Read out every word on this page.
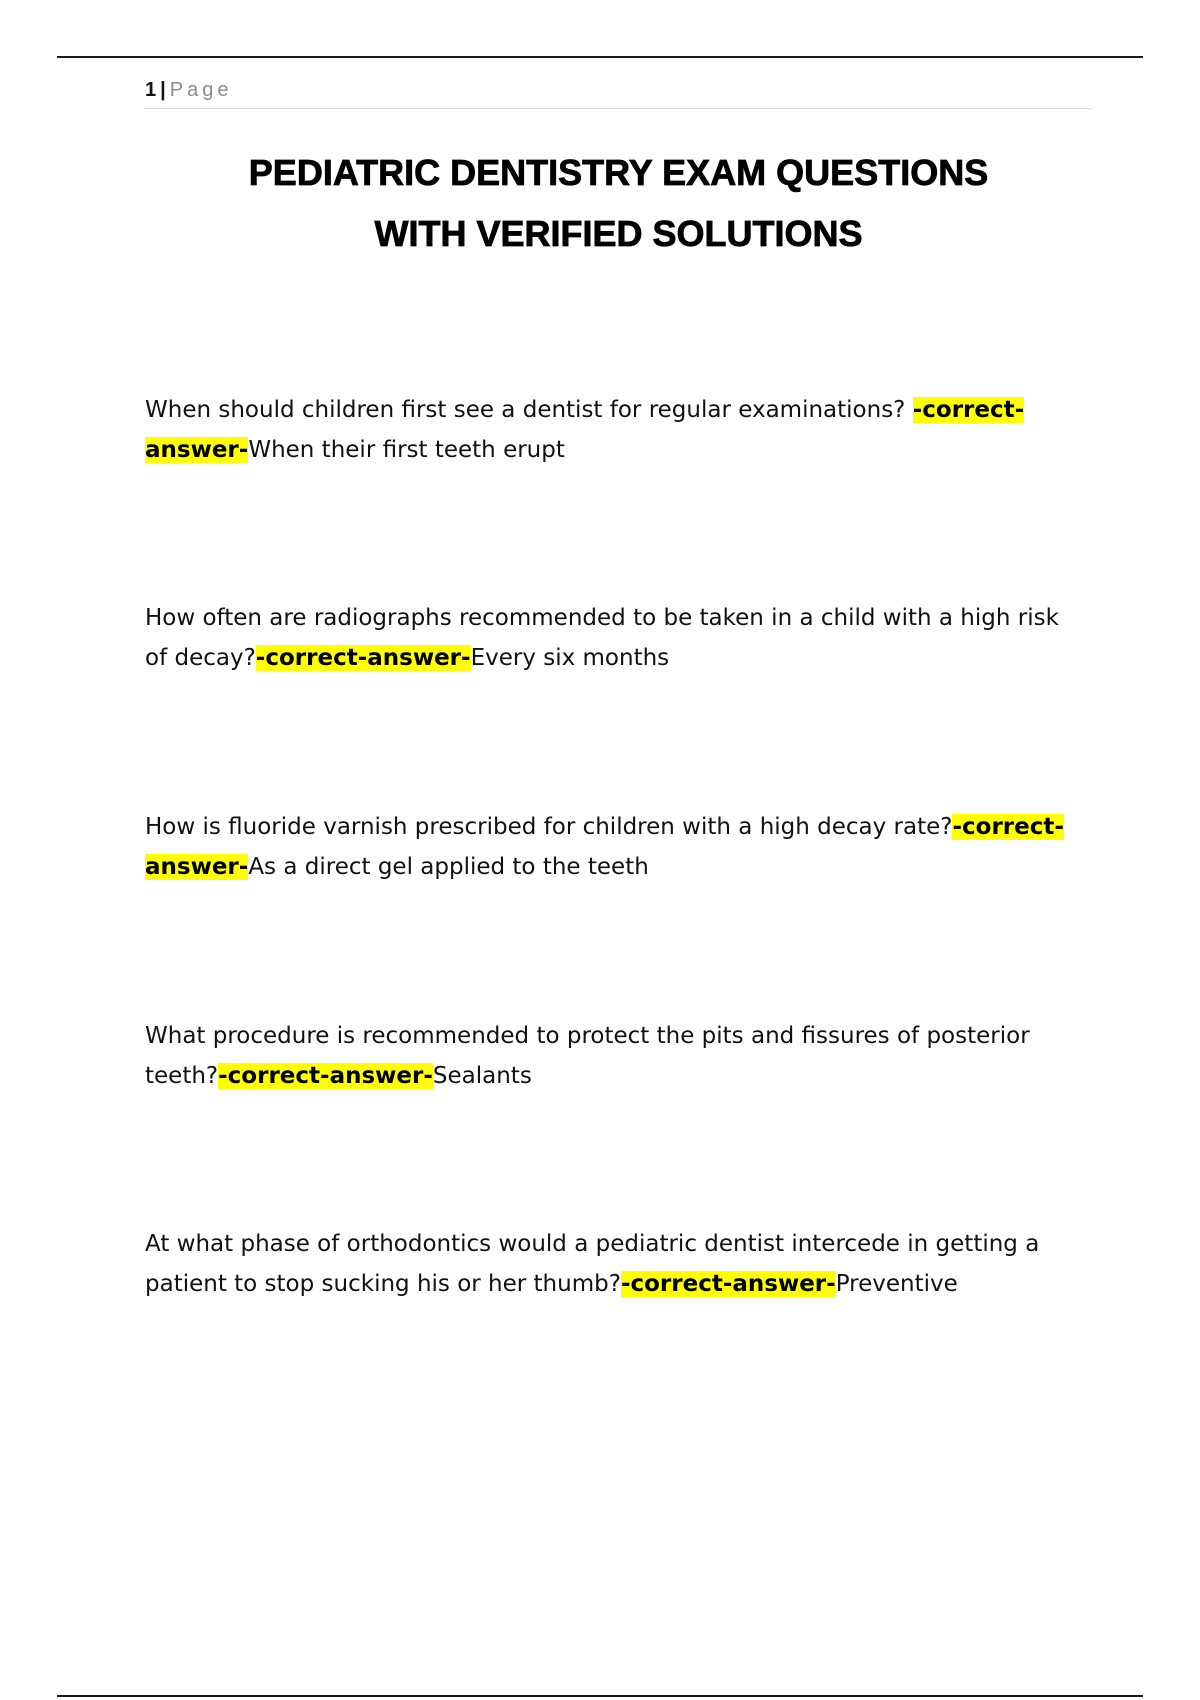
1 | Page
PEDIATRIC DENTISTRY EXAM QUESTIONS
WITH VERIFIED SOLUTIONS

When should children first see a dentist for regular examinations? -correct-answer-When their first teeth erupt

How often are radiographs recommended to be taken in a child with a high risk of decay?-correct-answer-Every six months

How is fluoride varnish prescribed for children with a high decay rate?-correct-answer-As a direct gel applied to the teeth

What procedure is recommended to protect the pits and fissures of posterior teeth?-correct-answer-Sealants

At what phase of orthodontics would a pediatric dentist intercede in getting a patient to stop sucking his or her thumb?-correct-answer-Preventive
